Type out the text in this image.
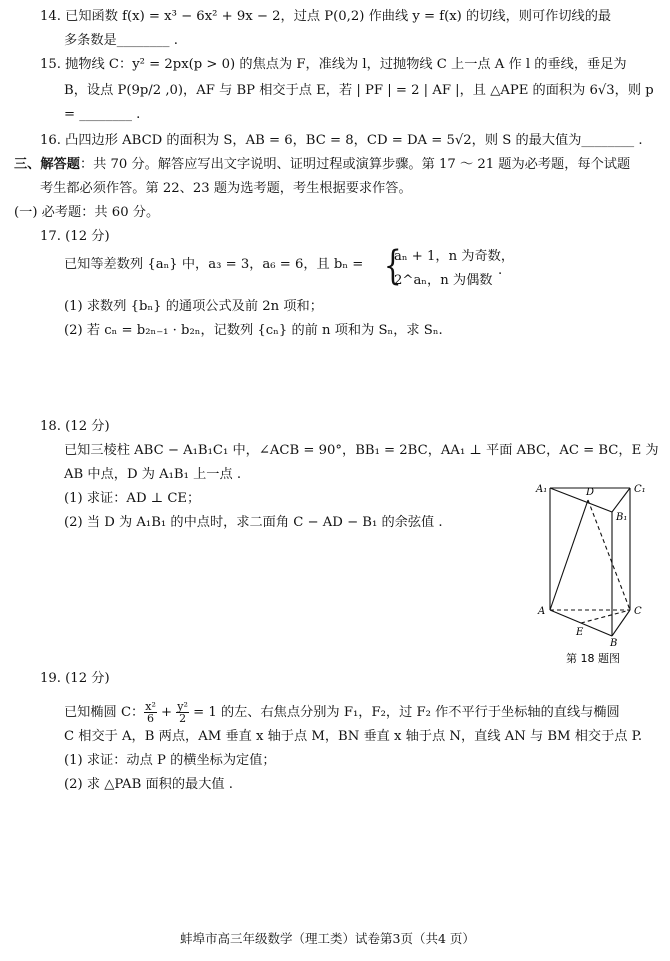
14. 已知函数 f(x) = x³ − 6x² + 9x − 2，过点 P(0,2) 作曲线 y = f(x) 的切线，则可作切线的最
多条数是________ .
15. 抛物线 C：y² = 2px(p > 0) 的焦点为 F，准线为 l，过抛物线 C 上一点 A 作 l 的垂线，垂足为
B，设点 P(9p/2 ,0)，AF 与 BP 相交于点 E，若 | PF | = 2 | AF |，且 △APE 的面积为 6√3，则 p
= ________ .
16. 凸四边形 ABCD 的面积为 S，AB = 6，BC = 8，CD = DA = 5√2，则 S 的最大值为________ .
三、解答题：共 70 分。解答应写出文字说明、证明过程或演算步骤。第 17 ～ 21 题为必考题，每个试题
考生都必须作答。第 22、23 题为选考题，考生根据要求作答。
(一) 必考题：共 60 分。
17. (12 分)
已知等差数列 {aₙ} 中，a₃ = 3，a₆ = 6，且 bₙ = {
aₙ + 1，n 为奇数，
2^aₙ，n 为偶数
.
(1) 求数列 {bₙ} 的通项公式及前 2n 项和；
(2) 若 cₙ = b₂ₙ₋₁ · b₂ₙ，记数列 {cₙ} 的前 n 项和为 Sₙ，求 Sₙ.
18. (12 分)
已知三棱柱 ABC − A₁B₁C₁ 中，∠ACB = 90°，BB₁ = 2BC，AA₁ ⊥ 平面 ABC，AC = BC，E 为
AB 中点，D 为 A₁B₁ 上一点 .
(1) 求证：AD ⊥ CE；
(2) 当 D 为 A₁B₁ 的中点时，求二面角 C − AD − B₁ 的余弦值 .
A₁	D	C₁
B₁
A	C
E
B
第 18 题图
19. (12 分)
已知椭圆 C： $\frac{\text{x²}}{6} + \frac{\text{y²}}{2} = 1$ 的左、右焦点分别为 F₁，F₂，过 F₂ 作不平行于坐标轴的直线与椭圆
C 相交于 A，B 两点，AM 垂直 x 轴于点 M，BN 垂直 x 轴于点 N，直线 AN 与 BM 相交于点 P.
(1) 求证：动点 P 的横坐标为定值；
(2) 求 △PAB 面积的最大值 .
蚌埠市高三年级数学（理工类）试卷第3页（共4 页）
